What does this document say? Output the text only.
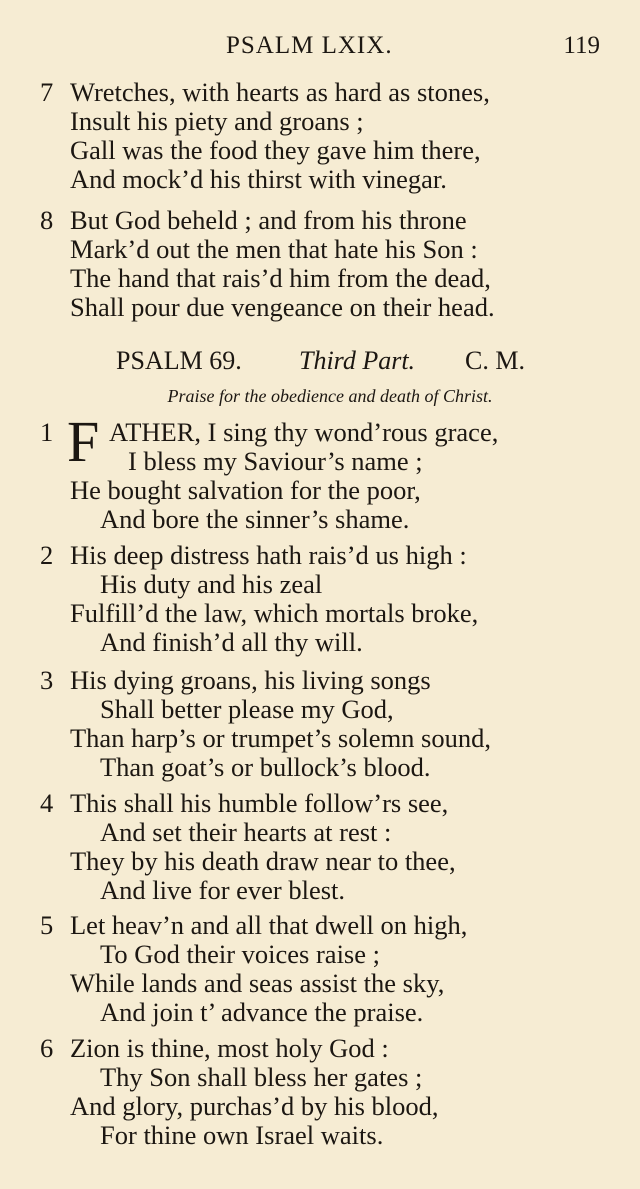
PSALM LXIX.	119
7 Wretches, with hearts as hard as stones,
Insult his piety and groans ;
Gall was the food they gave him there,
And mock’d his thirst with vinegar.
8 But God beheld ; and from his throne
Mark’d out the men that hate his Son :
The hand that rais’d him from the dead,
Shall pour due vengeance on their head.
PSALM 69. Third Part. C. M.
Praise for the obedience and death of Christ.
F
1 ATHER, I sing thy wond’rous grace,
I bless my Saviour’s name ;
He bought salvation for the poor,
And bore the sinner’s shame.
2 His deep distress hath rais’d us high :
His duty and his zeal
Fulfill’d the law, which mortals broke,
And finish’d all thy will.
3 His dying groans, his living songs
Shall better please my God,
Than harp’s or trumpet’s solemn sound,
Than goat’s or bullock’s blood.
4 This shall his humble follow’rs see,
And set their hearts at rest :
They by his death draw near to thee,
And live for ever blest.
5 Let heav’n and all that dwell on high,
To God their voices raise ;
While lands and seas assist the sky,
And join t’ advance the praise.
6 Zion is thine, most holy God :
Thy Son shall bless her gates ;
And glory, purchas’d by his blood,
For thine own Israel waits.
